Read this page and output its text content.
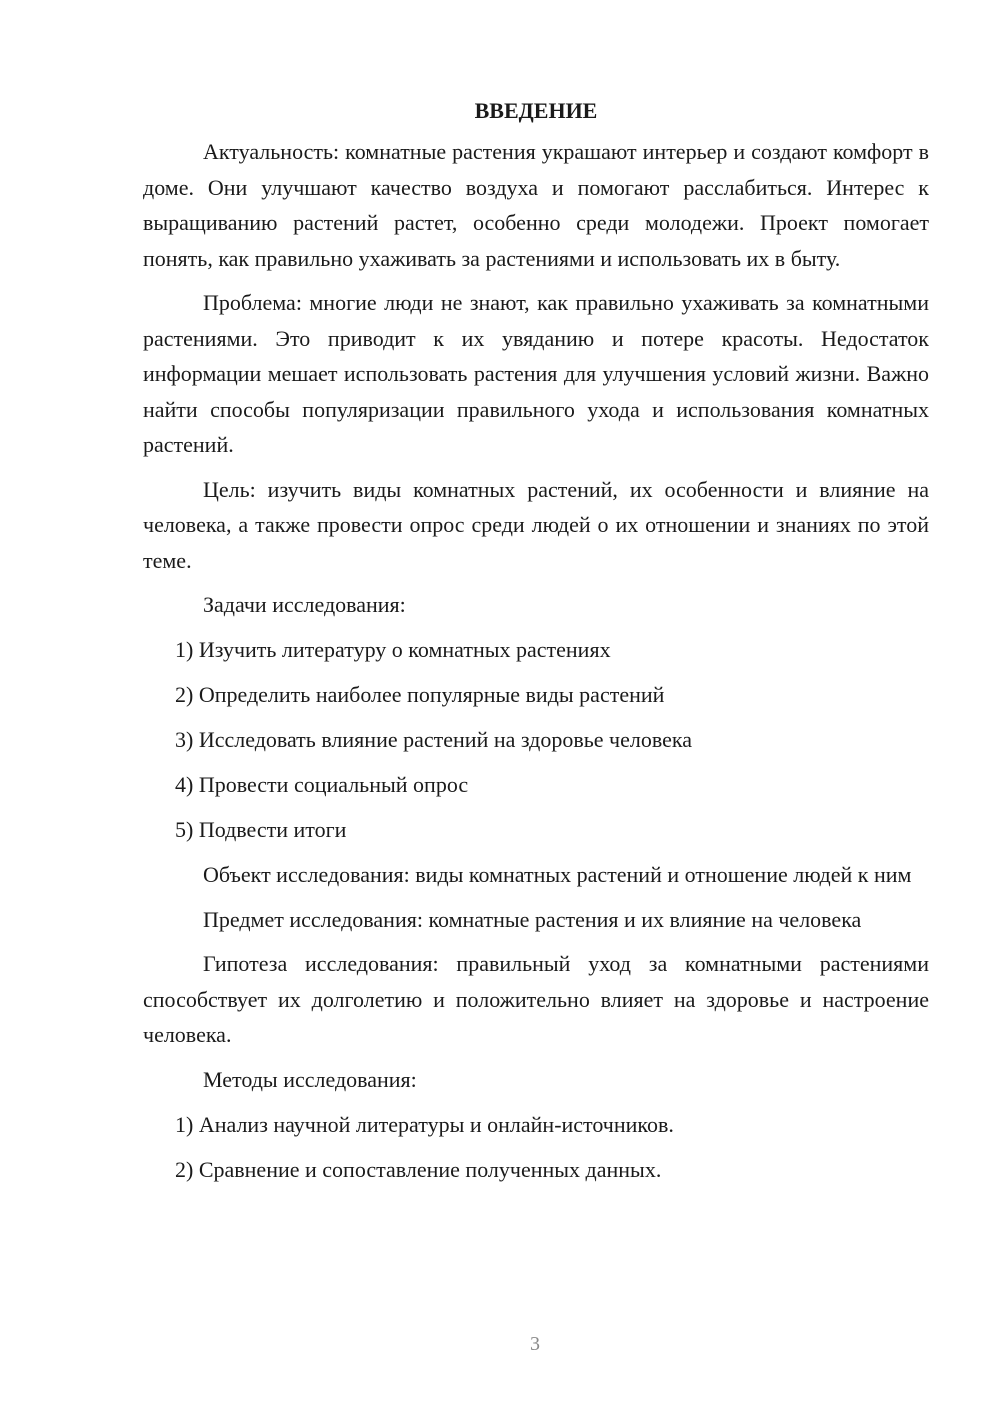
ВВЕДЕНИЕ

Актуальность: комнатные растения украшают интерьер и создают комфорт в доме. Они улучшают качество воздуха и помогают расслабиться. Интерес к выращиванию растений растет, особенно среди молодежи. Проект помогает понять, как правильно ухаживать за растениями и использовать их в быту.

Проблема: многие люди не знают, как правильно ухаживать за комнатными растениями. Это приводит к их увяданию и потере красоты. Недостаток информации мешает использовать растения для улучшения условий жизни. Важно найти способы популяризации правильного ухода и использования комнатных растений.

Цель: изучить виды комнатных растений, их особенности и влияние на человека, а также провести опрос среди людей о их отношении и знаниях по этой теме.

Задачи исследования:
1) Изучить литературу о комнатных растениях
2) Определить наиболее популярные виды растений
3) Исследовать влияние растений на здоровье человека
4) Провести социальный опрос
5) Подвести итоги

Объект исследования: виды комнатных растений и отношение людей к ним

Предмет исследования: комнатные растения и их влияние на человека

Гипотеза исследования: правильный уход за комнатными растениями способствует их долголетию и положительно влияет на здоровье и настроение человека.

Методы исследования:
1) Анализ научной литературы и онлайн-источников.
2) Сравнение и сопоставление полученных данных.
3
